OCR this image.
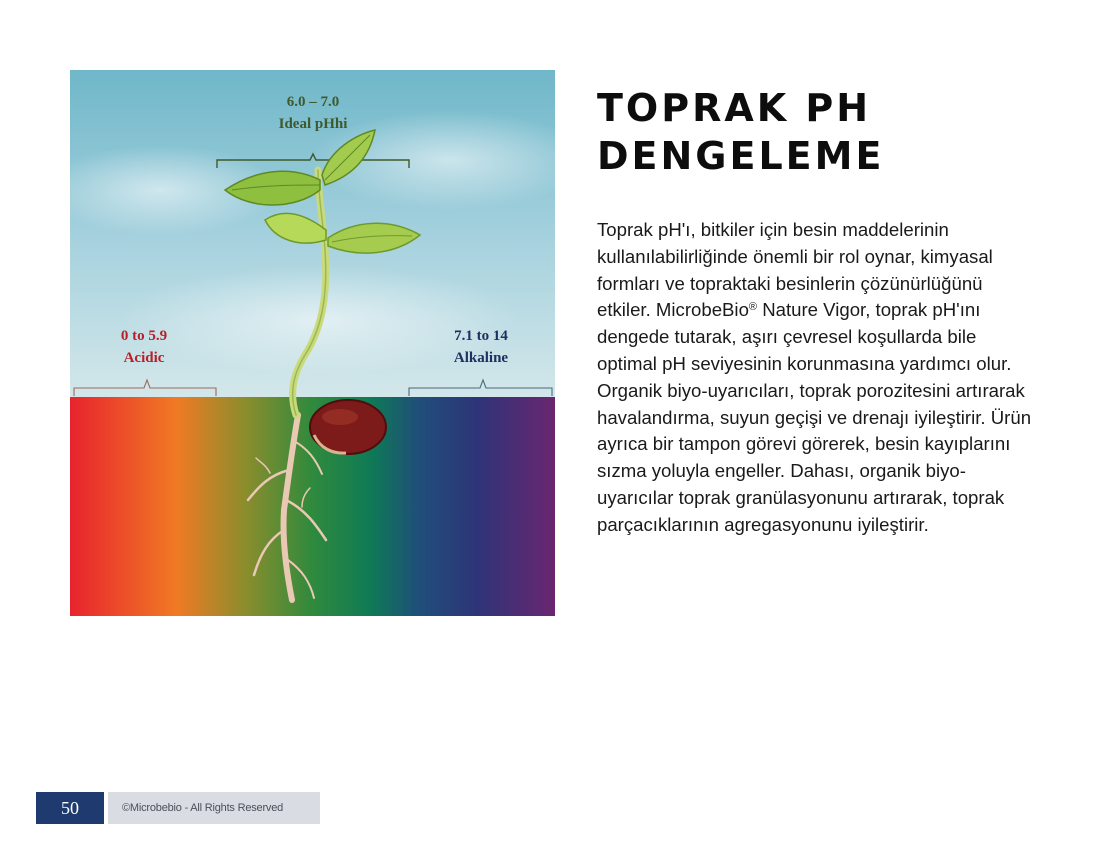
6.0 – 7.0
Ideal pHhi
0 to 5.9
Acidic
7.1 to 14
Alkaline
TOPRAK PH
DENGELEME

Toprak pH'ı, bitkiler için besin maddelerinin kullanılabilirliğinde önemli bir rol oynar, kimyasal formları ve topraktaki besinlerin çözünürlüğünü etkiler. MicrobeBio® Nature Vigor, toprak pH'ını dengede tutarak, aşırı çevresel koşullarda bile optimal pH seviyesinin korunmasına yardımcı olur. Organik biyo-uyarıcıları, toprak porozitesini artırarak havalandırma, suyun geçişi ve drenajı iyileştirir. Ürün ayrıca bir tampon görevi görerek, besin kayıplarını sızma yoluyla engeller. Dahası, organik biyo-uyarıcılar toprak granülasyonunu artırarak, toprak parçacıklarının agregasyonunu iyileştirir.

50	©Microbebio - All Rights Reserved
